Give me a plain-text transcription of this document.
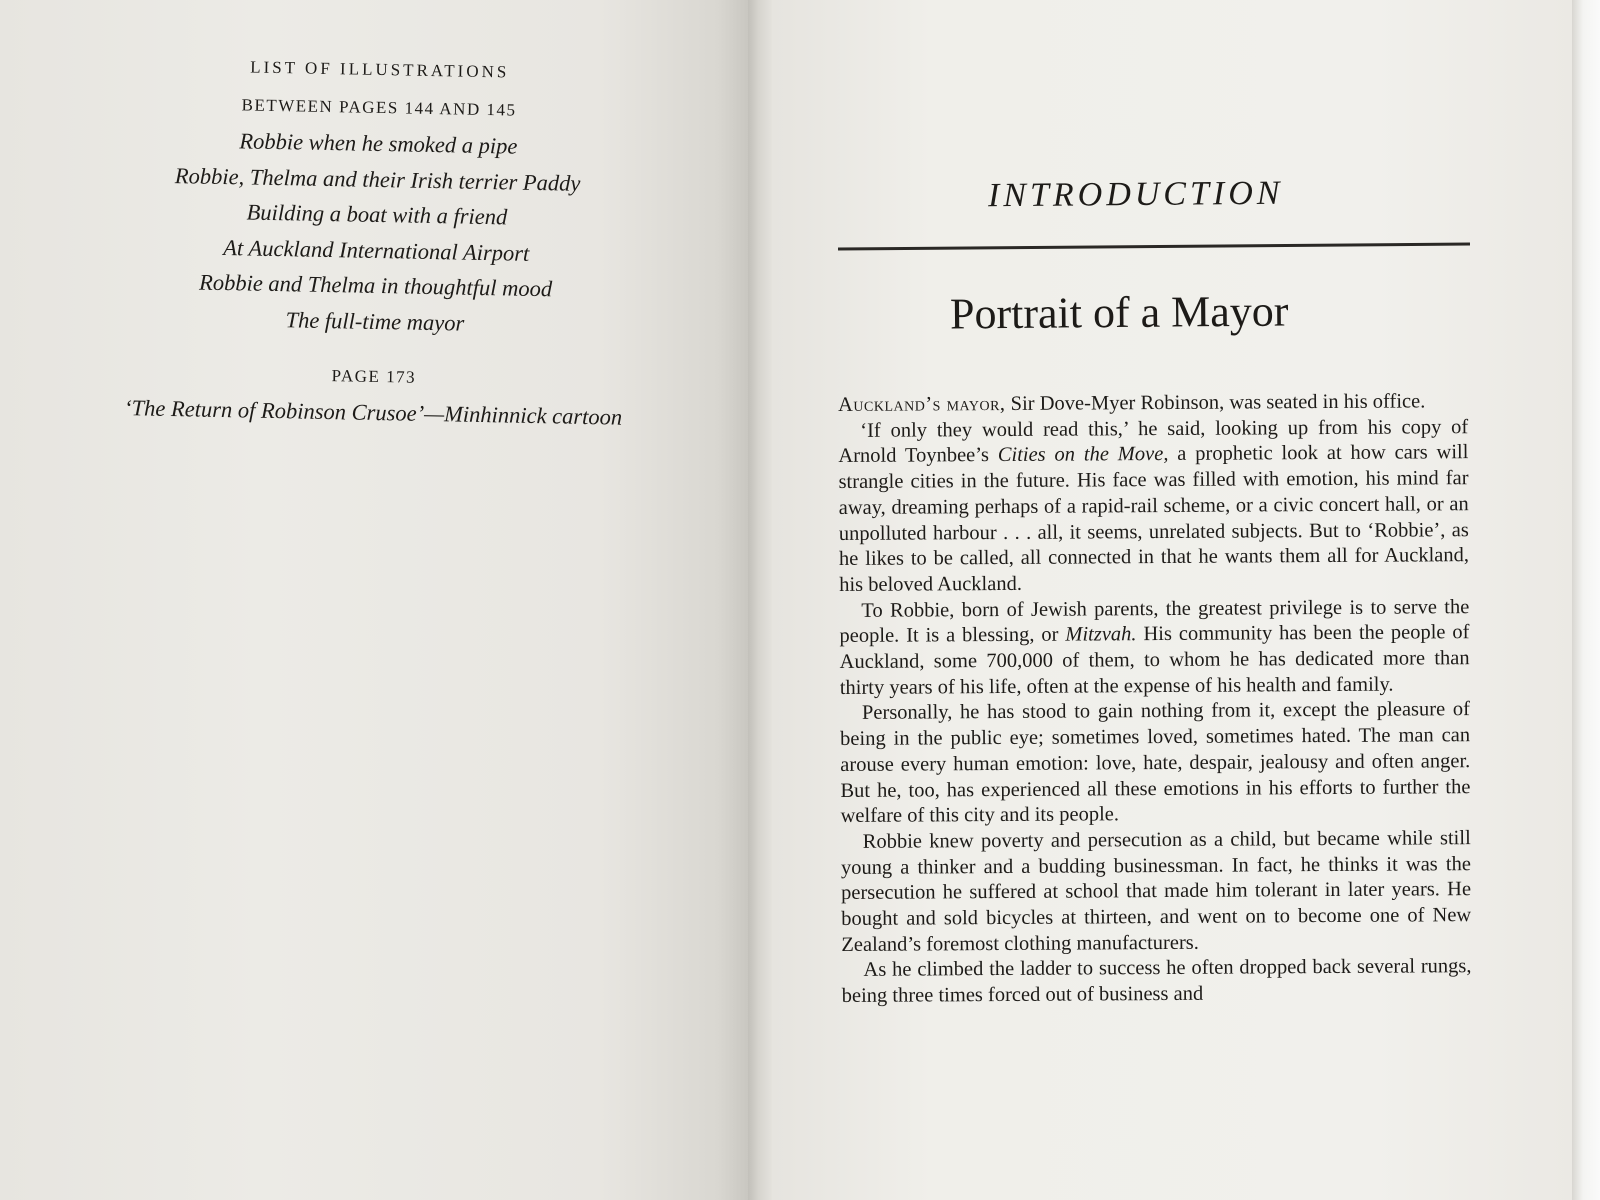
LIST OF ILLUSTRATIONS
BETWEEN PAGES 144 AND 145
Robbie when he smoked a pipe
Robbie, Thelma and their Irish terrier Paddy
Building a boat with a friend
At Auckland International Airport
Robbie and Thelma in thoughtful mood
The full-time mayor
PAGE 173
‘The Return of Robinson Crusoe’—Minhinnick cartoon
INTRODUCTION
Portrait of a Mayor

Auckland’s mayor, Sir Dove-Myer Robinson, was seated in his office.

‘If only they would read this,’ he said, looking up from his copy of Arnold Toynbee’s Cities on the Move, a prophetic look at how cars will strangle cities in the future. His face was filled with emotion, his mind far away, dreaming perhaps of a rapid-rail scheme, or a civic concert hall, or an unpolluted harbour . . . all, it seems, unrelated subjects. But to ‘Robbie’, as he likes to be called, all connected in that he wants them all for Auckland, his beloved Auckland.

To Robbie, born of Jewish parents, the greatest privilege is to serve the people. It is a blessing, or Mitzvah. His community has been the people of Auckland, some 700,000 of them, to whom he has dedicated more than thirty years of his life, often at the expense of his health and family.

Personally, he has stood to gain nothing from it, except the pleasure of being in the public eye; sometimes loved, sometimes hated. The man can arouse every human emotion: love, hate, despair, jealousy and often anger. But he, too, has experienced all these emotions in his efforts to further the welfare of this city and its people.

Robbie knew poverty and persecution as a child, but became while still young a thinker and a budding businessman. In fact, he thinks it was the persecution he suffered at school that made him tolerant in later years. He bought and sold bicycles at thirteen, and went on to become one of New Zealand’s foremost clothing manufacturers.

As he climbed the ladder to success he often dropped back several rungs, being three times forced out of business and
